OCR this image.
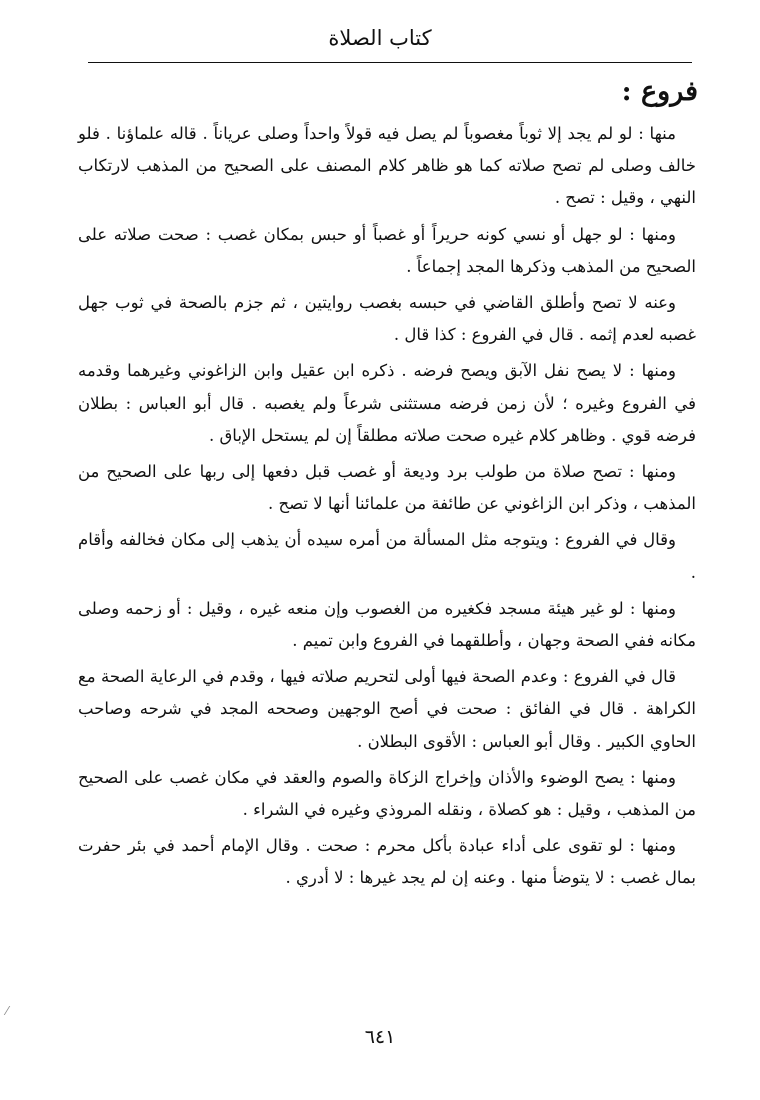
كتاب الصلاة
فروع :

منها : لو لم يجد إلا ثوباً مغصوباً لم يصل فيه قولاً واحداً وصلى عرياناً . قاله علماؤنا . فلو خالف وصلى لم تصح صلاته كما هو ظاهر كلام المصنف على الصحيح من المذهب لارتكاب النهي ، وقيل : تصح .

ومنها : لو جهل أو نسي كونه حريراً أو غصباً أو حبس بمكان غصب : صحت صلاته على الصحيح من المذهب وذكرها المجد إجماعاً .

وعنه لا تصح وأطلق القاضي في حبسه بغصب روايتين ، ثم جزم بالصحة في ثوب جهل غصبه لعدم إثمه . قال في الفروع : كذا قال .

ومنها : لا يصح نفل الآبق ويصح فرضه . ذكره ابن عقيل وابن الزاغوني وغيرهما وقدمه في الفروع وغيره ؛ لأن زمن فرضه مستثنى شرعاً ولم يغصبه . قال أبو العباس : بطلان فرضه قوي . وظاهر كلام غيره صحت صلاته مطلقاً إن لم يستحل الإباق .

ومنها : تصح صلاة من طولب برد وديعة أو غصب قبل دفعها إلى ربها على الصحيح من المذهب ، وذكر ابن الزاغوني عن طائفة من علمائنا أنها لا تصح .

وقال في الفروع : ويتوجه مثل المسألة من أمره سيده أن يذهب إلى مكان فخالفه وأقام .

ومنها : لو غير هيئة مسجد فكغيره من الغصوب وإن منعه غيره ، وقيل : أو زحمه وصلى مكانه ففي الصحة وجهان ، وأطلقهما في الفروع وابن تميم .

قال في الفروع : وعدم الصحة فيها أولى لتحريم صلاته فيها ، وقدم في الرعاية الصحة مع الكراهة . قال في الفائق : صحت في أصح الوجهين وصححه المجد في شرحه وصاحب الحاوي الكبير . وقال أبو العباس : الأقوى البطلان .

ومنها : يصح الوضوء والأذان وإخراج الزكاة والصوم والعقد في مكان غصب على الصحيح من المذهب ، وقيل : هو كصلاة ، ونقله المروذي وغيره في الشراء .

ومنها : لو تقوى على أداء عبادة بأكل محرم : صحت . وقال الإمام أحمد في بئر حفرت بمال غصب : لا يتوضأ منها . وعنه إن لم يجد غيرها : لا أدري .

⁄
٦٤١
